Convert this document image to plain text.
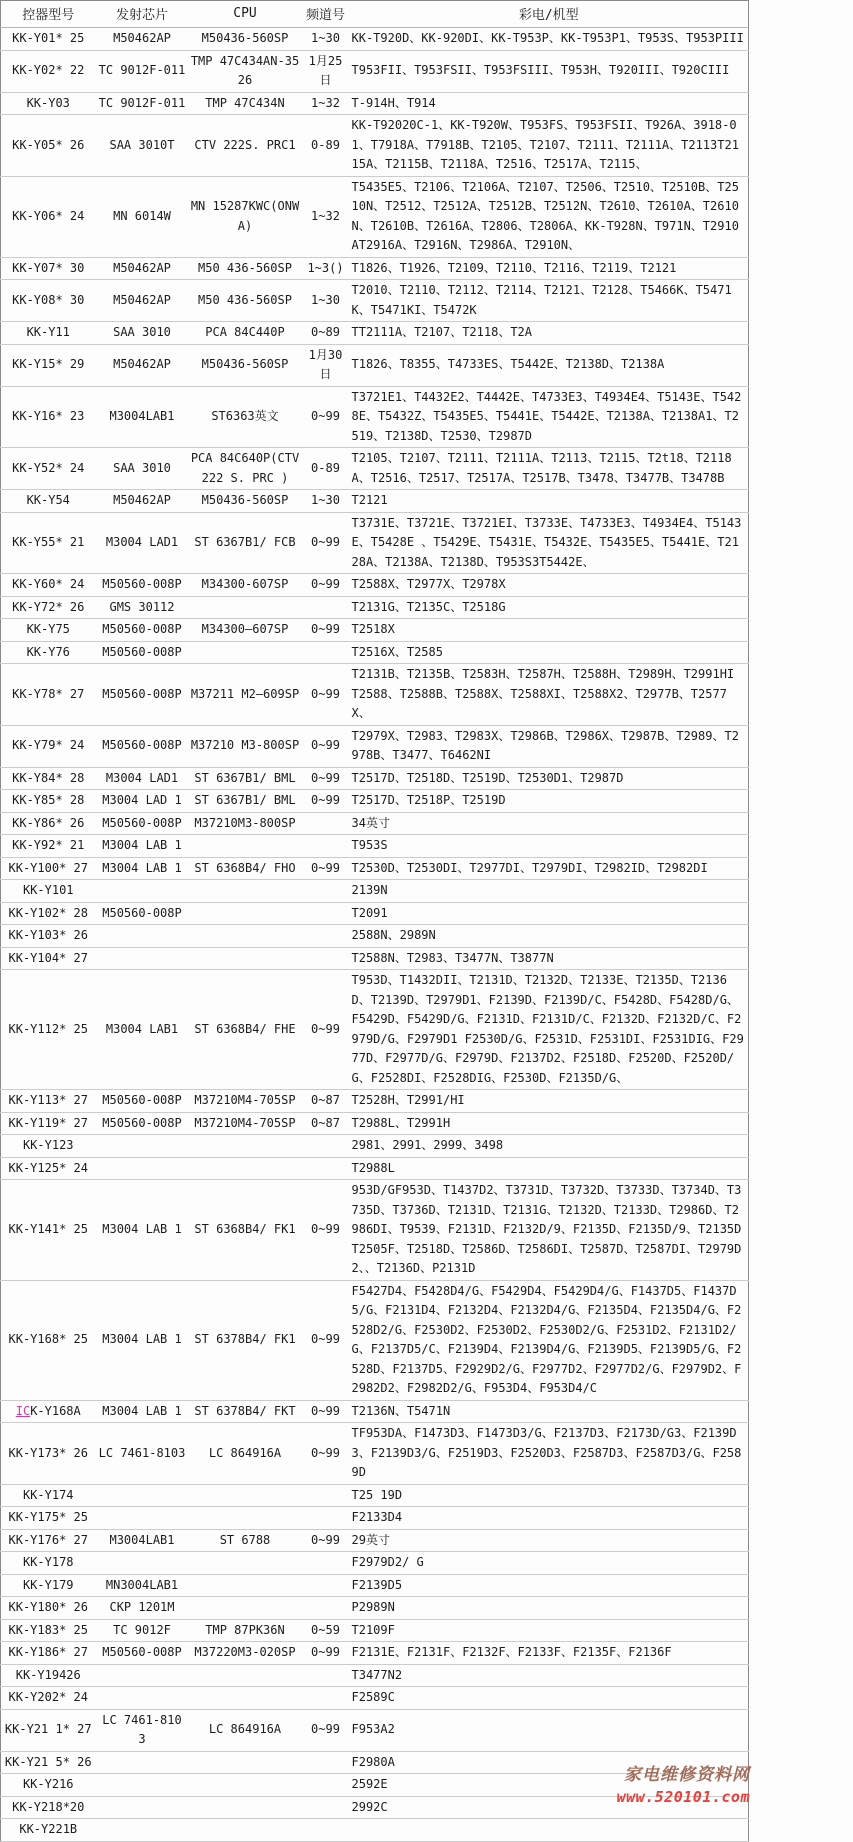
控器型号	发射芯片	CPU	频道号	彩电/机型
KK-Y01* 25	M50462AP	M50436-560SP	1~30	KK-T920D、KK-920DI、KK-T953P、KK-T953P1、T953S、T953PIII
KK-Y02* 22	TC 9012F-011	TMP 47C434AN-3526	1月25日	T953FII、T953FSII、T953FSIII、T953H、T920III、T920CIII
KK-Y03	TC 9012F-011	TMP 47C434N	1~32	T-914H、T914
KK-Y05* 26	SAA 3010T	CTV 222S. PRC1	0-89	KK-T92020C-1、KK-T920W、T953FS、T953FSII、T926A、3918-01、T7918A、T7918B、T2105、T2107、T2111、T2111A、T2113T2115A、T2115B、T2118A、T2516、T2517A、T2115、
KK-Y06* 24	MN 6014W	MN 15287KWC(ONWA)	1~32	T5435E5、T2106、T2106A、T2107、T2506、T2510、T2510B、T2510N、T2512、T2512A、T2512B、T2512N、T2610、T2610A、T2610N、T2610B、T2616A、T2806、T2806A、KK-T928N、T971N、T2910AT2916A、T2916N、T2986A、T2910N、
KK-Y07* 30	M50462AP	M50 436-560SP	1~3()	T1826、T1926、T2109、T2110、T2116、T2119、T2121
KK-Y08* 30	M50462AP	M50 436-560SP	1~30	T2010、T2110、T2112、T2114、T2121、T2128、T5466K、T5471K、T5471KI、T5472K
KK-Y11	SAA 3010	PCA 84C440P	0~89	TT2111A、T2107、T2118、T2A
KK-Y15* 29	M50462AP	M50436-560SP	1月30日	T1826、T8355、T4733ES、T5442E、T2138D、T2138A
KK-Y16* 23	M3004LAB1	ST6363英文	0~99	T3721E1、T4432E2、T4442E、T4733E3、T4934E4、T5143E、T5428E、T5432Z、T5435E5、T5441E、T5442E、T2138A、T2138A1、T2519、T2138D、T2530、T2987D
KK-Y52* 24	SAA 3010	PCA 84C640P(CTV 222 S. PRC )	0-89	T2105、T2107、T2111、T2111A、T2113、T2115、T2t18、T2118A、T2516、T2517、T2517A、T2517B、T3478、T3477B、T3478B
KK-Y54	M50462AP	M50436-560SP	1~30	T2121
KK-Y55* 21	M3004 LAD1	ST 6367B1/ FCB	0~99	T3731E、T3721E、T3721EI、T3733E、T4733E3、T4934E4、T5143E、T5428E 、T5429E、T5431E、T5432E、T5435E5、T5441E、T2128A、T2138A、T2138D、T953S3T5442E、
KK-Y60* 24	M50560-008P	M34300-607SP	0~99	T2588X、T2977X、T2978X
KK-Y72* 26	GMS 30112			T2131G、T2135C、T2518G
KK-Y75	M50560-008P	M34300—607SP	0~99	T2518X
KK-Y76	M50560-008P			T2516X、T2585
KK-Y78* 27	M50560-008P	M37211 M2—609SP	0~99	T2131B、T2135B、T2583H、T2587H、T2588H、T2989H、T2991HI T2588、T2588B、T2588X、T2588XI、T2588X2、T2977B、T2577X、
KK-Y79* 24	M50560-008P	M37210 M3-800SP	0~99	T2979X、T2983、T2983X、T2986B、T2986X、T2987B、T2989、T2978B、T3477、T6462NI
KK-Y84* 28	M3004 LAD1	ST 6367B1/ BML	0~99	T2517D、T2518D、T2519D、T2530D1、T2987D
KK-Y85* 28	M3004 LAD 1	ST 6367B1/ BML	0~99	T2517D、T2518P、T2519D
KK-Y86* 26	M50560-008P	M37210M3-800SP		34英寸
KK-Y92* 21	M3004 LAB 1			T953S
KK-Y100* 27	M3004 LAB 1	ST 6368B4/ FHO	0~99	T2530D、T2530DI、T2977DI、T2979DI、T2982ID、T2982DI
KK-Y101				2139N
KK-Y102* 28	M50560-008P			T2091
KK-Y103* 26				2588N、2989N
KK-Y104* 27				T2588N、T2983、T3477N、T3877N
KK-Y112* 25	M3004 LAB1	ST 6368B4/ FHE	0~99	T953D、T1432DII、T2131D、T2132D、T2133E、T2135D、T2136D、T2139D、T2979D1、F2139D、F2139D/C、F5428D、F5428D/G、F5429D、F5429D/G、F2131D、F2131D/C、F2132D、F2132D/C、F2979D/G、F2979D1 F2530D/G、F2531D、F2531DI、F2531DIG、F2977D、F2977D/G、F2979D、F2137D2、F2518D、F2520D、F2520D/G、F2528DI、F2528DIG、F2530D、F2135D/G、
KK-Y113* 27	M50560-008P	M37210M4-705SP	0~87	T2528H、T2991/HI
KK-Y119* 27	M50560-008P	M37210M4-705SP	0~87	T2988L、T2991H
KK-Y123				2981、2991、2999、3498
KK-Y125* 24				T2988L
KK-Y141* 25	M3004 LAB 1	ST 6368B4/ FK1	0~99	953D/GF953D、T1437D2、T3731D、T3732D、T3733D、T3734D、T3735D、T3736D、T2131D、T2131G、T2132D、T2133D、T2986D、T2986DI、T9539、F2131D、F2132D/9、F2135D、F2135D/9、T2135DT2505F、T2518D、T2586D、T2586DI、T2587D、T2587DI、T2979D2、、T2136D、P2131D
KK-Y168* 25	M3004 LAB 1	ST 6378B4/ FK1	0~99	F5427D4、F5428D4/G、F5429D4、F5429D4/G、F1437D5、F1437D5/G、F2131D4、F2132D4、F2132D4/G、F2135D4、F2135D4/G、F2528D2/G、F2530D2、F2530D2、F2530D2/G、F2531D2、F2131D2/G、F2137D5/C、F2139D4、F2139D4/G、F2139D5、F2139D5/G、F2528D、F2137D5、F2929D2/G、F2977D2、F2977D2/G、F2979D2、F2982D2、F2982D2/G、F953D4、F953D4/C
ICK-Y168A	M3004 LAB 1	ST 6378B4/ FKT	0~99	T2136N、T5471N
KK-Y173* 26	LC 7461-8103	LC 864916A	0~99	TF953DA、F1473D3、F1473D3/G、F2137D3、F2173D/G3、F2139D3、F2139D3/G、F2519D3、F2520D3、F2587D3、F2587D3/G、F2589D
KK-Y174				T25 19D
KK-Y175* 25				F2133D4
KK-Y176* 27	M3004LAB1	ST 6788	0~99	29英寸
KK-Y178				F2979D2/ G
KK-Y179	MN3004LAB1			F2139D5
KK-Y180* 26	CKP 1201M			P2989N
KK-Y183* 25	TC 9012F	TMP 87PK36N	0~59	T2109F
KK-Y186* 27	M50560-008P	M37220M3-020SP	0~99	F2131E、F2131F、F2132F、F2133F、F2135F、F2136F
KK-Y19426				T3477N2
KK-Y202* 24				F2589C
KK-Y21 1* 27	LC 7461-810 3	LC 864916A	0~99	F953A2
KK-Y21 5* 26				F2980A
KK-Y216				2592E
KK-Y218*20				2992C
KK-Y221B				
家电维修资料网
www.520101.com
